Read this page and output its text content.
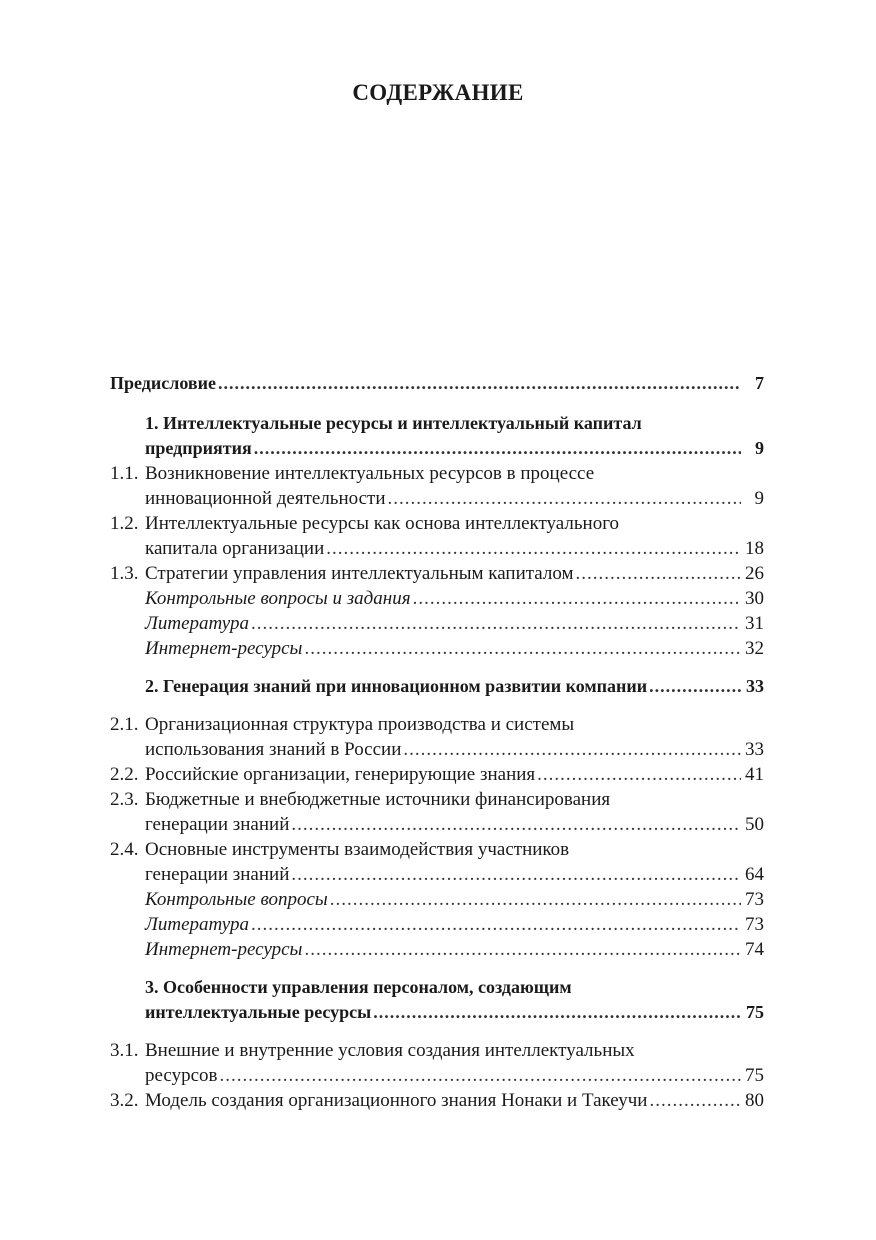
СОДЕРЖАНИЕ
Предисловие .....	7
1. Интеллектуальные ресурсы и интеллектуальный капитал
предприятия .....	9
1.1. Возникновение интеллектуальных ресурсов в процессе
инновационной деятельности .....	9
1.2. Интеллектуальные ресурсы как основа интеллектуального
капитала организации .....	18
1.3. Стратегии управления интеллектуальным капиталом .....	26
Контрольные вопросы и задания .....	30
Литература .....	31
Интернет-ресурсы .....	32
2. Генерация знаний при инновационном развитии компании .....	33
2.1. Организационная структура производства и системы
использования знаний в России .....	33
2.2. Российские организации, генерирующие знания .....	41
2.3. Бюджетные и внебюджетные источники финансирования
генерации знаний .....	50
2.4. Основные инструменты взаимодействия участников
генерации знаний .....	64
Контрольные вопросы .....	73
Литература .....	73
Интернет-ресурсы .....	74
3. Особенности управления персоналом, создающим
интеллектуальные ресурсы .....	75
3.1. Внешние и внутренние условия создания интеллектуальных
ресурсов .....	75
3.2. Модель создания организационного знания Нонаки и Такеучи .....	80
